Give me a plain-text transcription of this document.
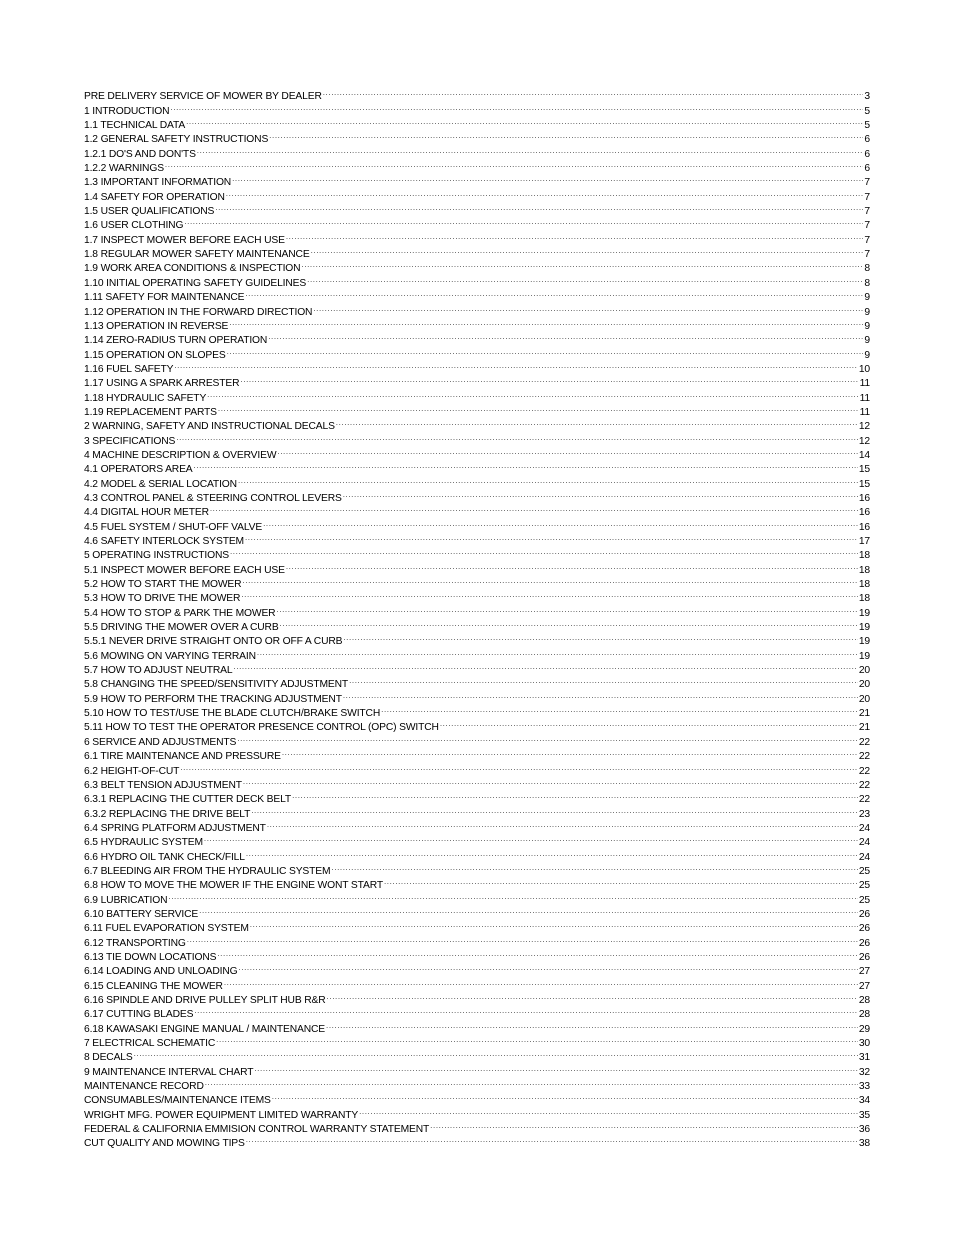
PRE DELIVERY SERVICE OF MOWER BY DEALER .....	3
1 INTRODUCTION .....	5
1.1 TECHNICAL DATA .....	5
1.2 GENERAL SAFETY INSTRUCTIONS .....	6
1.2.1 DO'S AND DON'TS .....	6
1.2.2 WARNINGS .....	6
1.3 IMPORTANT INFORMATION .....	7
1.4 SAFETY FOR OPERATION .....	7
1.5 USER QUALIFICATIONS .....	7
1.6 USER CLOTHING .....	7
1.7 INSPECT MOWER BEFORE EACH USE .....	7
1.8 REGULAR MOWER SAFETY MAINTENANCE .....	7
1.9 WORK AREA CONDITIONS & INSPECTION .....	8
1.10 INITIAL OPERATING SAFETY GUIDELINES .....	8
1.11 SAFETY FOR MAINTENANCE .....	9
1.12 OPERATION IN THE FORWARD DIRECTION .....	9
1.13 OPERATION IN REVERSE .....	9
1.14 ZERO-RADIUS TURN OPERATION .....	9
1.15 OPERATION ON SLOPES .....	9
1.16 FUEL SAFETY .....	10
1.17 USING A SPARK ARRESTER .....	11
1.18 HYDRAULIC SAFETY .....	11
1.19 REPLACEMENT PARTS .....	11
2 WARNING, SAFETY AND INSTRUCTIONAL DECALS .....	12
3 SPECIFICATIONS .....	12
4 MACHINE DESCRIPTION & OVERVIEW .....	14
4.1 OPERATORS AREA .....	15
4.2 MODEL & SERIAL LOCATION .....	15
4.3 CONTROL PANEL & STEERING CONTROL LEVERS .....	16
4.4 DIGITAL HOUR METER .....	16
4.5 FUEL SYSTEM / SHUT-OFF VALVE .....	16
4.6 SAFETY INTERLOCK SYSTEM .....	17
5 OPERATING INSTRUCTIONS .....	18
5.1 INSPECT MOWER BEFORE EACH USE .....	18
5.2 HOW TO START THE MOWER .....	18
5.3 HOW TO DRIVE THE MOWER .....	18
5.4 HOW TO STOP & PARK THE MOWER .....	19
5.5 DRIVING THE MOWER OVER A CURB .....	19
5.5.1 NEVER DRIVE STRAIGHT ONTO OR OFF A CURB .....	19
5.6 MOWING ON VARYING TERRAIN .....	19
5.7 HOW TO ADJUST NEUTRAL .....	20
5.8 CHANGING THE SPEED/SENSITIVITY ADJUSTMENT .....	20
5.9 HOW TO PERFORM THE TRACKING ADJUSTMENT .....	20
5.10 HOW TO TEST/USE THE BLADE CLUTCH/BRAKE SWITCH .....	21
5.11 HOW TO TEST THE OPERATOR PRESENCE CONTROL (OPC) SWITCH .....	21
6 SERVICE AND ADJUSTMENTS .....	22
6.1 TIRE MAINTENANCE AND PRESSURE .....	22
6.2 HEIGHT-OF-CUT .....	22
6.3 BELT TENSION ADJUSTMENT .....	22
6.3.1 REPLACING THE CUTTER DECK BELT .....	22
6.3.2 REPLACING THE DRIVE BELT .....	23
6.4 SPRING PLATFORM ADJUSTMENT .....	24
6.5 HYDRAULIC SYSTEM .....	24
6.6 HYDRO OIL TANK CHECK/FILL .....	24
6.7 BLEEDING AIR FROM THE HYDRAULIC SYSTEM .....	25
6.8 HOW TO MOVE THE MOWER IF THE ENGINE WONT START .....	25
6.9 LUBRICATION .....	25
6.10 BATTERY SERVICE .....	26
6.11 FUEL EVAPORATION SYSTEM .....	26
6.12 TRANSPORTING .....	26
6.13 TIE DOWN LOCATIONS .....	26
6.14 LOADING AND UNLOADING .....	27
6.15 CLEANING THE MOWER .....	27
6.16 SPINDLE AND DRIVE PULLEY SPLIT HUB R&R .....	28
6.17 CUTTING BLADES .....	28
6.18 KAWASAKI ENGINE MANUAL / MAINTENANCE .....	29
7 ELECTRICAL SCHEMATIC .....	30
8 DECALS .....	31
9 MAINTENANCE INTERVAL CHART .....	32
MAINTENANCE RECORD .....	33
CONSUMABLES/MAINTENANCE ITEMS .....	34
WRIGHT MFG. POWER EQUIPMENT LIMITED WARRANTY .....	35
FEDERAL & CALIFORNIA EMMISION CONTROL WARRANTY STATEMENT .....	36
CUT QUALITY AND MOWING TIPS .....	38
